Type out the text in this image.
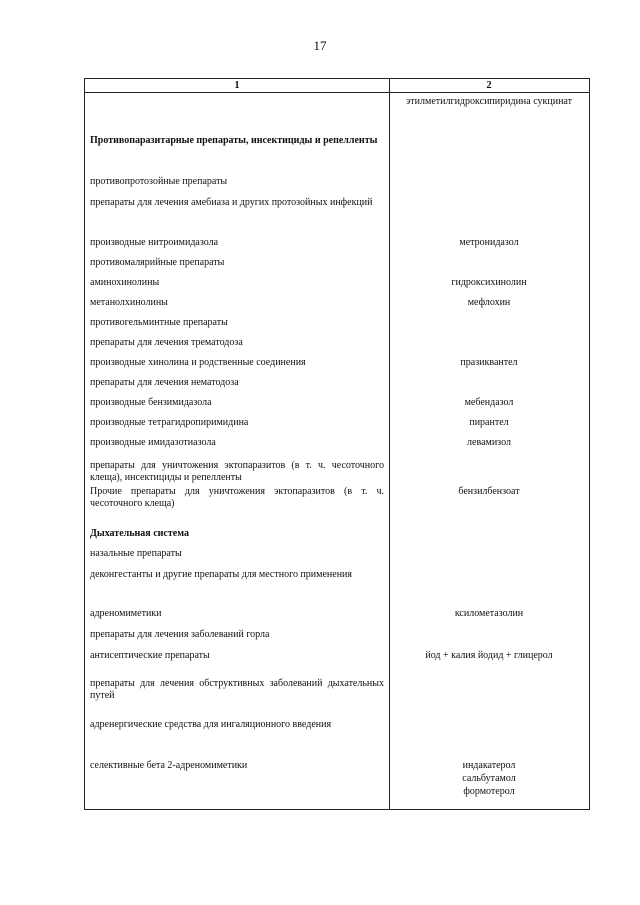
17
1	2
Противопаразитарные препараты, инсектициды и репелленты
противопротозойные препараты
препараты для лечения амебиаза и других протозойных инфекций
производные нитроимидазола
противомалярийные препараты
аминохинолины
метанолхинолины
противогельминтные препараты
препараты для лечения трематодоза
производные хинолина и родственные соединения
препараты для лечения нематодоза
производные бензимидазола
производные тетрагидропиримидина
производные имидазотиазола
препараты для уничтожения эктопаразитов (в т. ч. чесоточного клеща), инсектициды и репелленты
Прочие препараты для уничтожения эктопаразитов (в т. ч. чесоточного клеща)
Дыхательная система
назальные препараты
деконгестанты и другие препараты для местного применения
адреномиметики
препараты для лечения заболеваний горла
антисептические препараты
препараты для лечения обструктивных заболеваний дыхательных путей
адренергические средства для ингаляционного введения
селективные бета 2-адреномиметики
этилметилгидроксипиридина сукцинат
метронидазол
гидроксихинолин
мефлохин
празиквантел
мебендазол
пирантел
левамизол
бензилбензоат
ксилометазолин
йод + калия йодид + глицерол
индакатерол
сальбутамол
формотерол
